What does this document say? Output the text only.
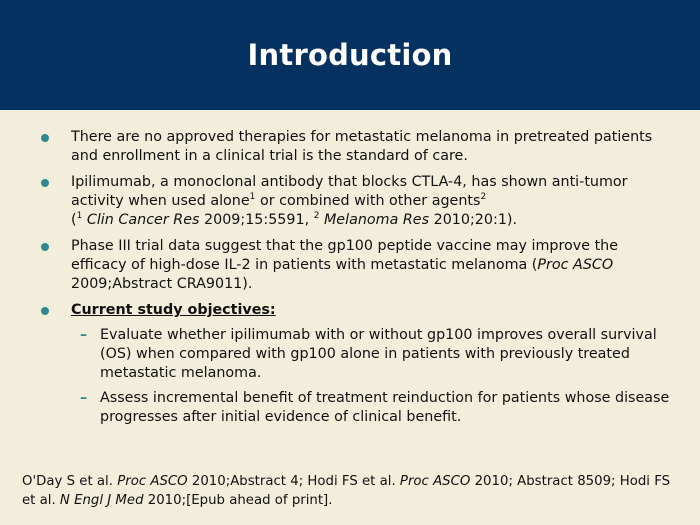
Introduction
There are no approved therapies for metastatic melanoma in pretreated patients and enrollment in a clinical trial is the standard of care.
Ipilimumab, a monoclonal antibody that blocks CTLA-4, has shown anti-tumor activity when used alone$^1$ or combined with other agents$^2$
($^1$ Clin Cancer Res 2009;15:5591, $^2$ Melanoma Res 2010;20:1).
Phase III trial data suggest that the gp100 peptide vaccine may improve the efficacy of high-dose IL-2 in patients with metastatic melanoma (Proc ASCO 2009;Abstract CRA9011).
Current study objectives:
– Evaluate whether ipilimumab with or without gp100 improves overall survival (OS) when compared with gp100 alone in patients with previously treated metastatic melanoma.
– Assess incremental benefit of treatment reinduction for patients whose disease progresses after initial evidence of clinical benefit.
O'Day S et al. Proc ASCO 2010;Abstract 4; Hodi FS et al. Proc ASCO 2010; Abstract 8509; Hodi FS et al. N Engl J Med 2010;[Epub ahead of print].
